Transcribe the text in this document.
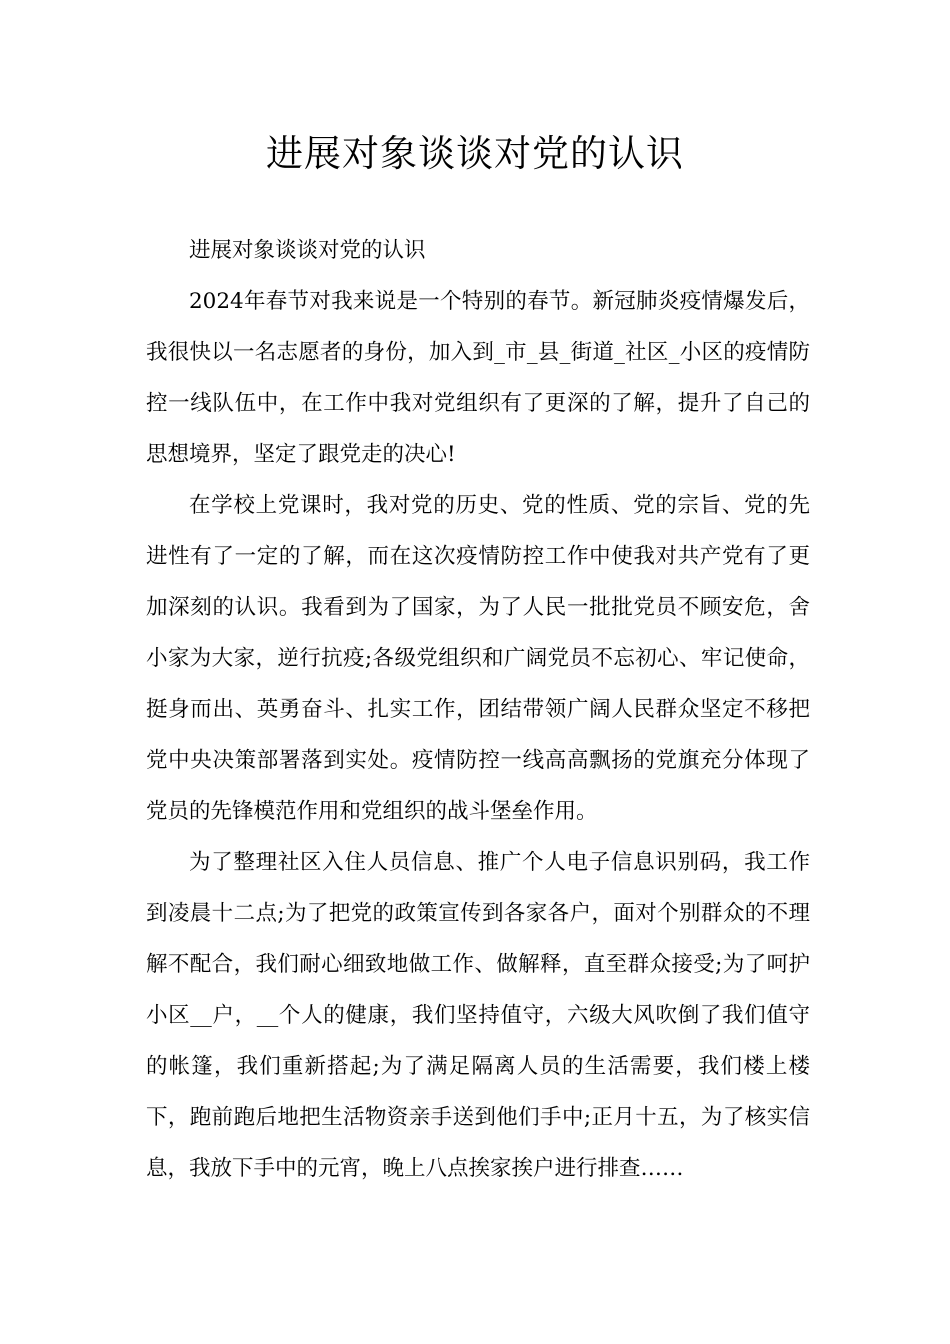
进展对象谈谈对党的认识

进展对象谈谈对党的认识

2024年春节对我来说是一个特别的春节。新冠肺炎疫情爆发后，我很快以一名志愿者的身份，加入到_市_县_街道_社区_小区的疫情防控一线队伍中，在工作中我对党组织有了更深的了解，提升了自己的思想境界，坚定了跟党走的决心!

在学校上党课时，我对党的历史、党的性质、党的宗旨、党的先进性有了一定的了解，而在这次疫情防控工作中使我对共产党有了更加深刻的认识。我看到为了国家，为了人民一批批党员不顾安危，舍小家为大家，逆行抗疫;各级党组织和广阔党员不忘初心、牢记使命，挺身而出、英勇奋斗、扎实工作，团结带领广阔人民群众坚定不移把党中央决策部署落到实处。疫情防控一线高高飘扬的党旗充分体现了党员的先锋模范作用和党组织的战斗堡垒作用。

为了整理社区入住人员信息、推广个人电子信息识别码，我工作到凌晨十二点;为了把党的政策宣传到各家各户，面对个别群众的不理解不配合，我们耐心细致地做工作、做解释，直至群众接受;为了呵护小区__户，__个人的健康，我们坚持值守，六级大风吹倒了我们值守的帐篷，我们重新搭起;为了满足隔离人员的生活需要，我们楼上楼下，跑前跑后地把生活物资亲手送到他们手中;正月十五，为了核实信息，我放下手中的元宵，晚上八点挨家挨户进行排查……
